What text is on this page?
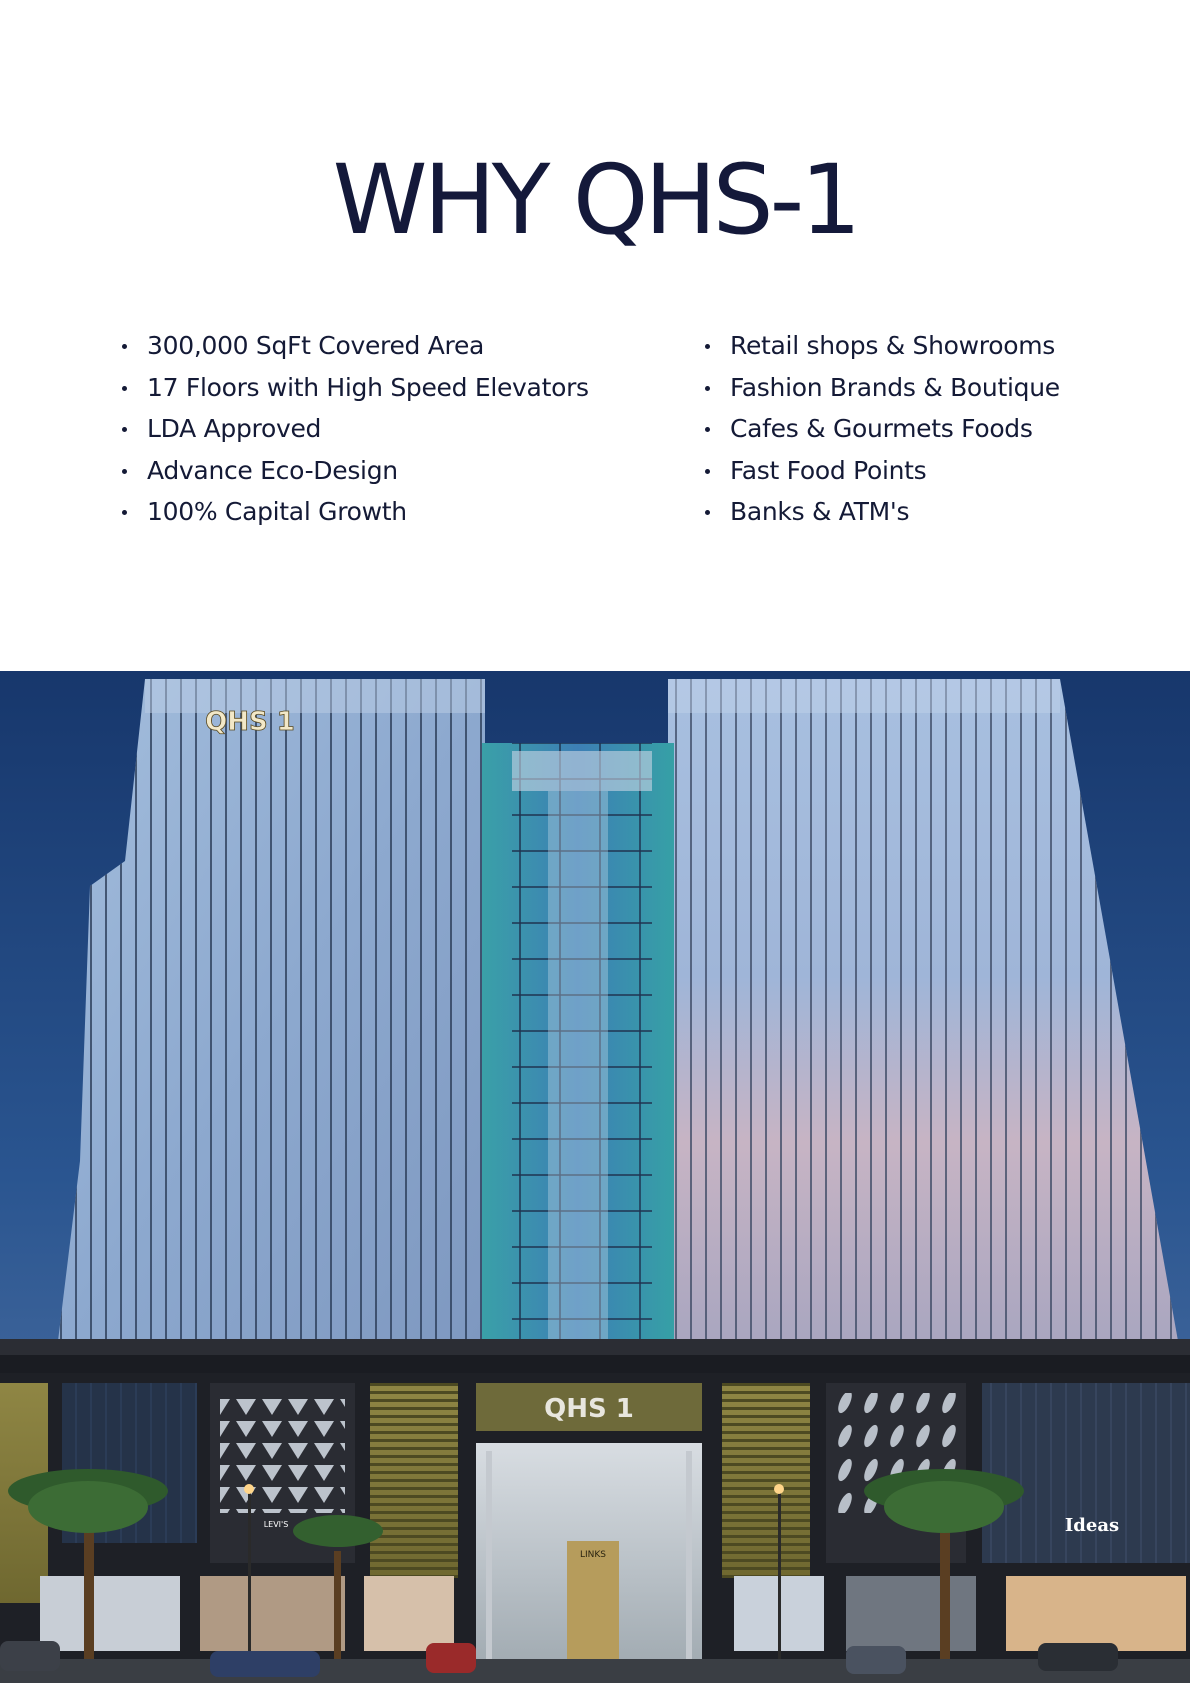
WHY QHS-1
300,000 SqFt Covered Area
17 Floors with High Speed Elevators
LDA Approved
Advance Eco-Design
100% Capital Growth
Retail shops & Showrooms
Fashion Brands & Boutique
Cafes & Gourmets Foods
Fast Food Points
Banks & ATM's
QHS 1
QHS 1
LINKS
LEVI'S	Ideas
